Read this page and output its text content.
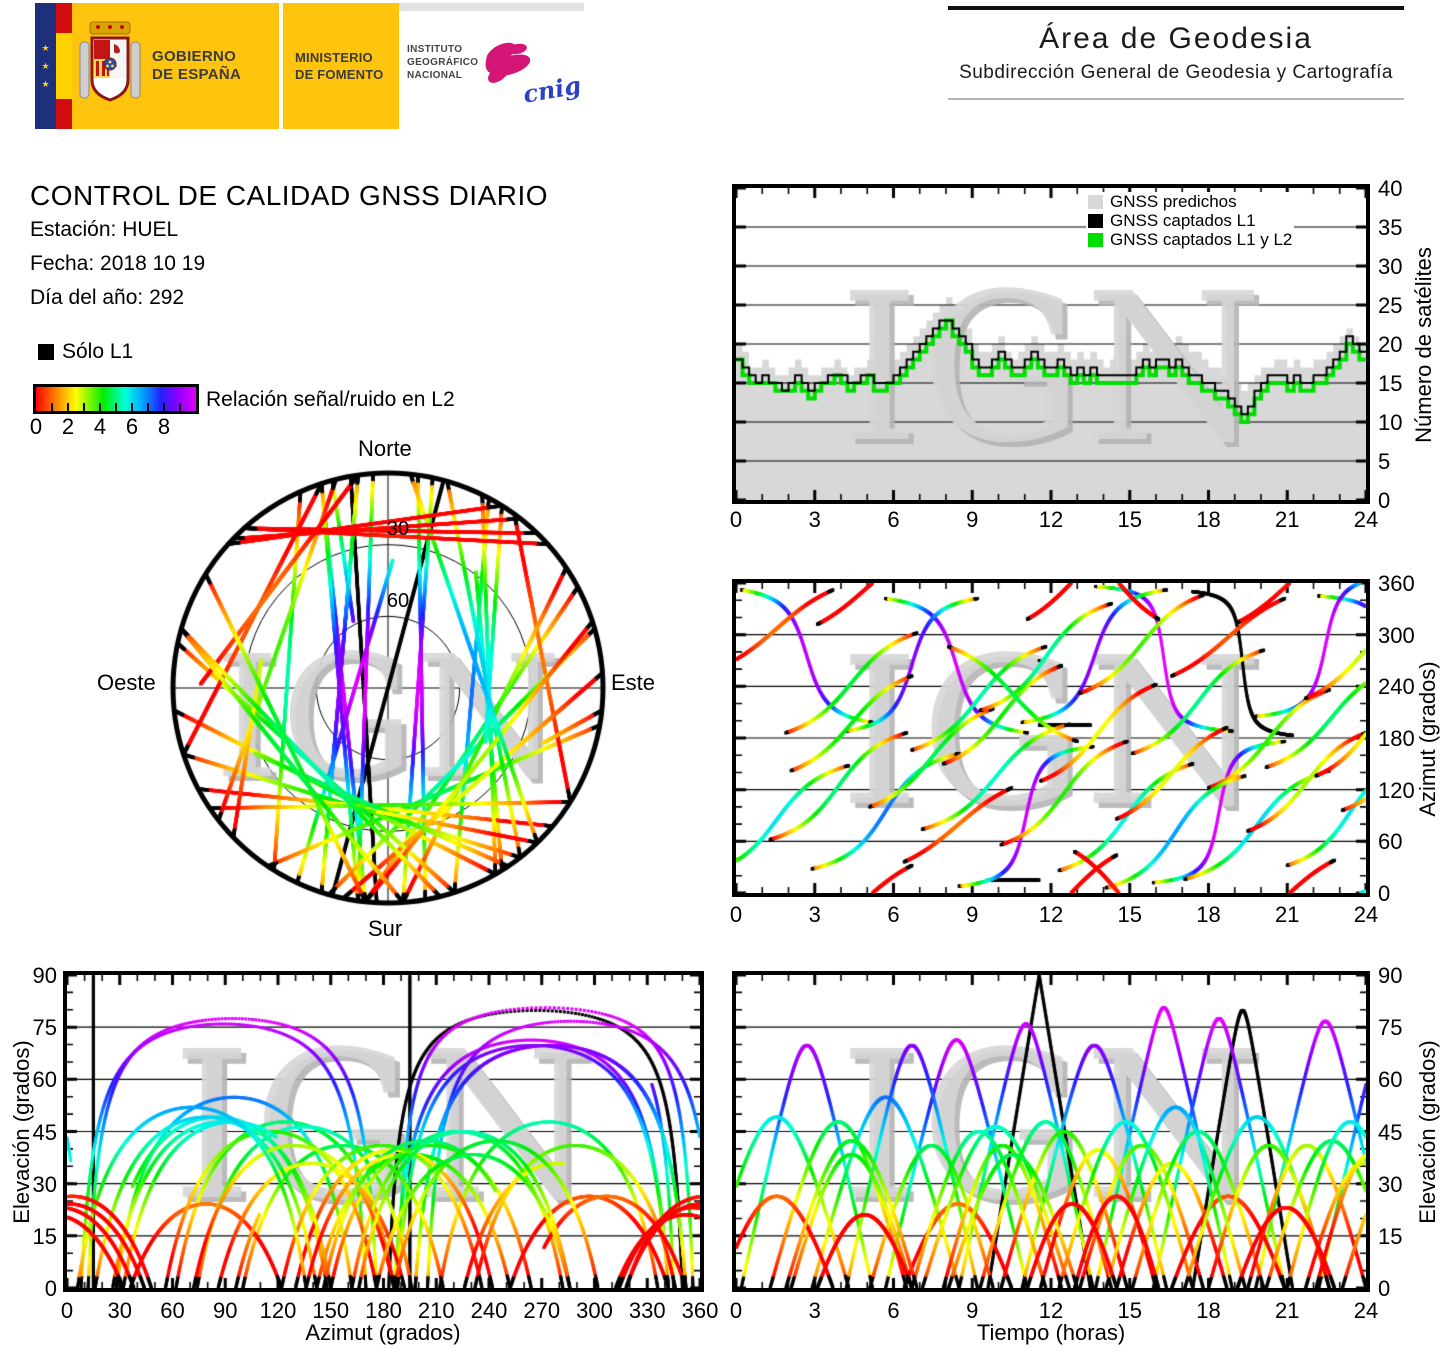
★
★
★
GOBIERNO
DE ESPAÑA
MINISTERIO
DE FOMENTO
INSTITUTO
GEOGRÁFICO
NACIONAL	cnig
Área de Geodesia
Subdirección General de Geodesia y Cartografía
CONTROL DE CALIDAD GNSS DIARIO
Estación: HUEL
Fecha: 2018 10 19
Día del año: 292
Sólo L1
Relación señal/ruido en L2
Norte
Sur
Oeste	Este
30
60
GNSS predichos
GNSS captados L1
GNSS captados L1 y L2
Número de satélites
Azimut (grados)
Elevación (grados)
Azimut (grados)
Elevación (grados)
Tiempo (horas)
0 2 4 6 8
0	3	6	9	12 15 18 21 24
0
5
10
15
20
25
30
35
40
0	3	6	9	12 15 18 21 24
0
60
120
180
240
300
360
0 30 60 90 120 150 180 210 240 270 300 330 360
0
15
30
45
60
75
90
0	3	6	9	12 15 18 21 24
0
15
30
45
60
75
90
